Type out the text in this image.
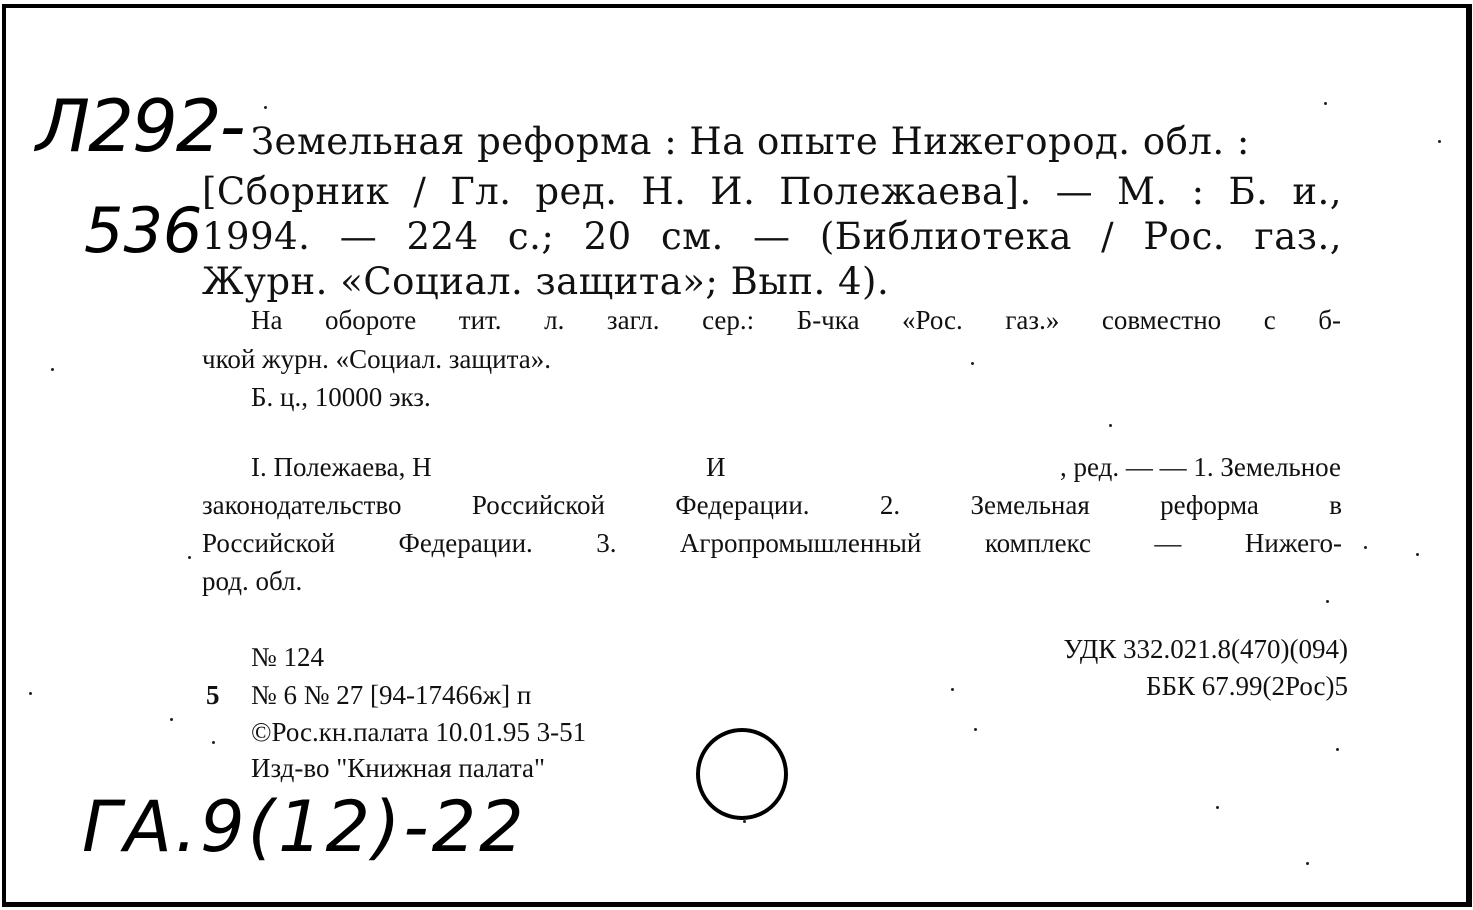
Л292-
536
Земельная реформа : На опыте Нижегород. обл. :
[Сборник / Гл. ред. Н. И. Полежаева]. — М. : Б. и.,
1994. — 224 с.; 20 см. — (Библиотека / Рос. газ.,
Журн. «Социал. защита»; Вып. 4).
На обороте тит. л. загл. сер.: Б-чка «Рос. газ.» совместно с б-
чкой журн. «Социал. защита».
Б. ц., 10000 экз.
I. Полежаева, Н	И	, ред. — — 1. Земельное
законодательство Российской Федерации. 2. Земельная реформа в
Российской Федерации. 3. Агропромышленный комплекс — Нижего-
род. обл.
№ 124
5 № 6 № 27 [94-17466ж] п
©Рос.кн.палата 10.01.95 3-51
Изд-во "Книжная палата"
УДК 332.021.8(470)(094)
ББК 67.99(2Рос)5
ГА.9(12)-22
